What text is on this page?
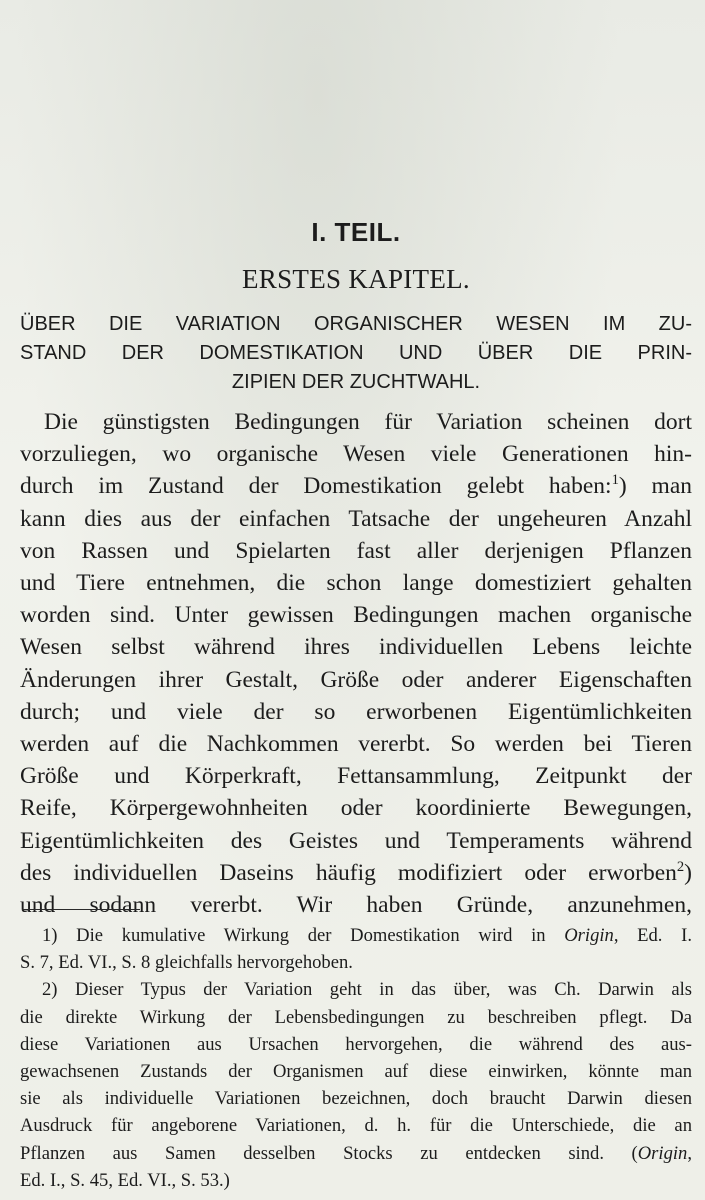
I. TEIL.
ERSTES KAPITEL.
ÜBER DIE VARIATION ORGANISCHER WESEN IM ZU-
STAND DER DOMESTIKATION UND ÜBER DIE PRIN-
ZIPIEN DER ZUCHTWAHL.
Die günstigsten Bedingungen für Variation scheinen dort
vorzuliegen, wo organische Wesen viele Generationen hin-
durch im Zustand der Domestikation gelebt haben:$^1$) man
kann dies aus der einfachen Tatsache der ungeheuren Anzahl
von Rassen und Spielarten fast aller derjenigen Pflanzen
und Tiere entnehmen, die schon lange domestiziert gehalten
worden sind. Unter gewissen Bedingungen machen organische
Wesen selbst während ihres individuellen Lebens leichte
Änderungen ihrer Gestalt, Größe oder anderer Eigenschaften
durch; und viele der so erworbenen Eigentümlichkeiten
werden auf die Nachkommen vererbt. So werden bei Tieren
Größe und Körperkraft, Fettansammlung, Zeitpunkt der
Reife, Körpergewohnheiten oder koordinierte Bewegungen,
Eigentümlichkeiten des Geistes und Temperaments während
des individuellen Daseins häufig modifiziert oder erworben$^2$)
und sodann vererbt. Wir haben Gründe, anzunehmen,
1) Die kumulative Wirkung der Domestikation wird in Origin, Ed. I.
S. 7, Ed. VI., S. 8 gleichfalls hervorgehoben.
2) Dieser Typus der Variation geht in das über, was Ch. Darwin als
die direkte Wirkung der Lebensbedingungen zu beschreiben pflegt. Da
diese Variationen aus Ursachen hervorgehen, die während des aus-
gewachsenen Zustands der Organismen auf diese einwirken, könnte man
sie als individuelle Variationen bezeichnen, doch braucht Darwin diesen
Ausdruck für angeborene Variationen, d. h. für die Unterschiede, die an
Pflanzen aus Samen desselben Stocks zu entdecken sind. (Origin,
Ed. I., S. 45, Ed. VI., S. 53.)
